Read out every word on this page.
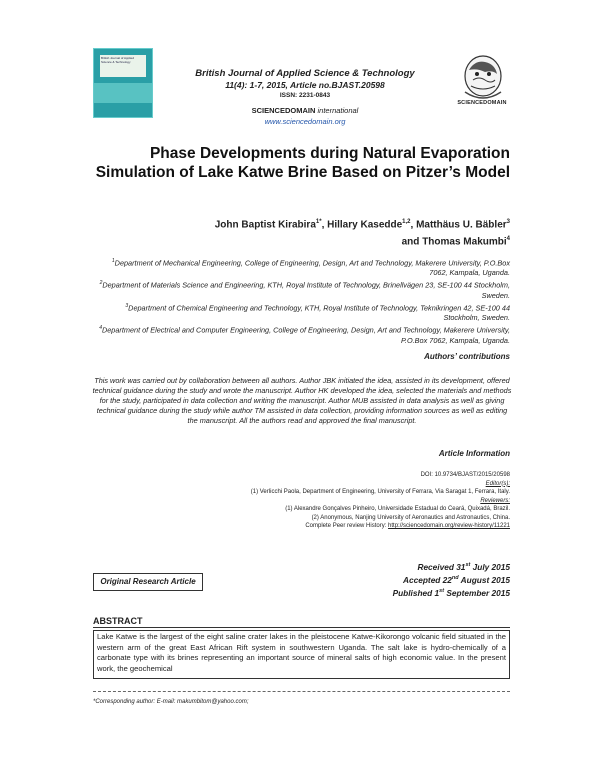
British Journal of Applied Science & Technology
SCIENCEDOMAIN
British Journal of Applied Science & Technology
11(4): 1-7, 2015, Article no.BJAST.20598
ISSN: 2231-0843
SCIENCEDOMAIN international
www.sciencedomain.org
Phase Developments during Natural Evaporation Simulation of Lake Katwe Brine Based on Pitzer’s Model
John Baptist Kirabira$^{1*}$, Hillary Kasedde$^{1,2}$, Matthäus U. Bäbler$^3$
and Thomas Makumbi$^4$

$^1$Department of Mechanical Engineering, College of Engineering, Design, Art and Technology, Makerere University, P.O.Box 7062, Kampala, Uganda.

$^2$Department of Materials Science and Engineering, KTH, Royal Institute of Technology, Brinellvägen 23, SE-100 44 Stockholm, Sweden.

$^3$Department of Chemical Engineering and Technology, KTH, Royal Institute of Technology, Teknikringen 42, SE-100 44 Stockholm, Sweden.

$^4$Department of Electrical and Computer Engineering, College of Engineering, Design, Art and Technology, Makerere University, P.O.Box 7062, Kampala, Uganda.

Authors’ contributions
This work was carried out by collaboration between all authors. Author JBK initiated the idea, assisted in its development, offered technical guidance during the study and wrote the manuscript. Author HK developed the idea, selected the materials and methods for the study, participated in data collection and writing the manuscript. Author MUB assisted in data analysis as well as giving technical guidance during the study while author TM assisted in data collection, providing information sources as well as editing the manuscript. All the authors read and approved the final manuscript.
Article Information
DOI: 10.9734/BJAST/2015/20598
Editor(s):
(1) Verlicchi Paola, Department of Engineering, University of Ferrara, Via Saragat 1, Ferrara, Italy.
Reviewers:
(1) Alexandre Gonçalves Pinheiro, Universidade Estadual do Ceará, Quixadá, Brazil.
(2) Anonymous, Nanjing University of Aeronautics and Astronautics, China.
Complete Peer review History: http://sciencedomain.org/review-history/11221
Original Research Article
Received 31st July 2015
Accepted 22nd August 2015
Published 1st September 2015
ABSTRACT
Lake Katwe is the largest of the eight saline crater lakes in the pleistocene Katwe-Kikorongo volcanic field situated in the western arm of the great East African Rift system in southwestern Uganda. The salt lake is hydro-chemically of a carbonate type with its brines representing an important source of mineral salts of high economic value. In the present work, the geochemical
*Corresponding author: E-mail: makumbitom@yahoo.com;
